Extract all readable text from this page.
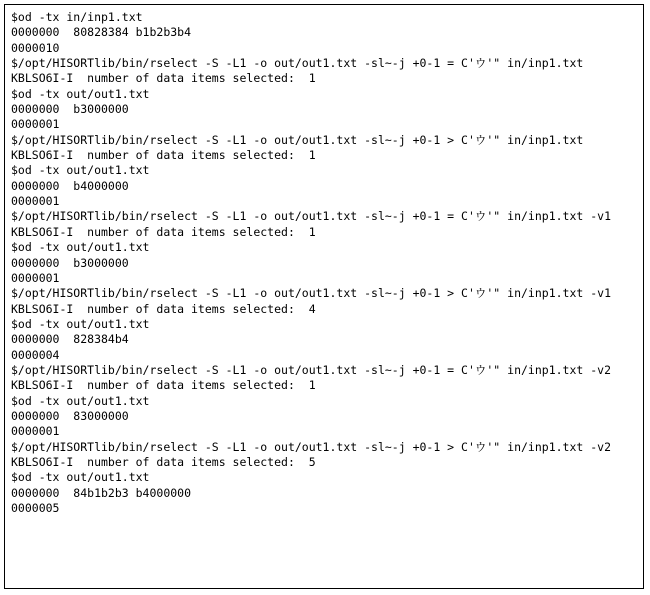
$od -tx in/inp1.txt
0000000  80828384 b1b2b3b4
0000010
$/opt/HISORTlib/bin/rselect -S -L1 -o out/out1.txt -sl~-j +0-1 = C'ウ'" in/inp1.txt
KBLSO6I-I  number of data items selected:  1
$od -tx out/out1.txt
0000000  b3000000
0000001
$/opt/HISORTlib/bin/rselect -S -L1 -o out/out1.txt -sl~-j +0-1 > C'ウ'" in/inp1.txt
KBLSO6I-I  number of data items selected:  1
$od -tx out/out1.txt
0000000  b4000000
0000001
$/opt/HISORTlib/bin/rselect -S -L1 -o out/out1.txt -sl~-j +0-1 = C'ウ'" in/inp1.txt -v1
KBLSO6I-I  number of data items selected:  1
$od -tx out/out1.txt
0000000  b3000000
0000001
$/opt/HISORTlib/bin/rselect -S -L1 -o out/out1.txt -sl~-j +0-1 > C'ウ'" in/inp1.txt -v1
KBLSO6I-I  number of data items selected:  4
$od -tx out/out1.txt
0000000  828384b4
0000004
$/opt/HISORTlib/bin/rselect -S -L1 -o out/out1.txt -sl~-j +0-1 = C'ウ'" in/inp1.txt -v2
KBLSO6I-I  number of data items selected:  1
$od -tx out/out1.txt
0000000  83000000
0000001
$/opt/HISORTlib/bin/rselect -S -L1 -o out/out1.txt -sl~-j +0-1 > C'ウ'" in/inp1.txt -v2
KBLSO6I-I  number of data items selected:  5
$od -tx out/out1.txt
0000000  84b1b2b3 b4000000
0000005
